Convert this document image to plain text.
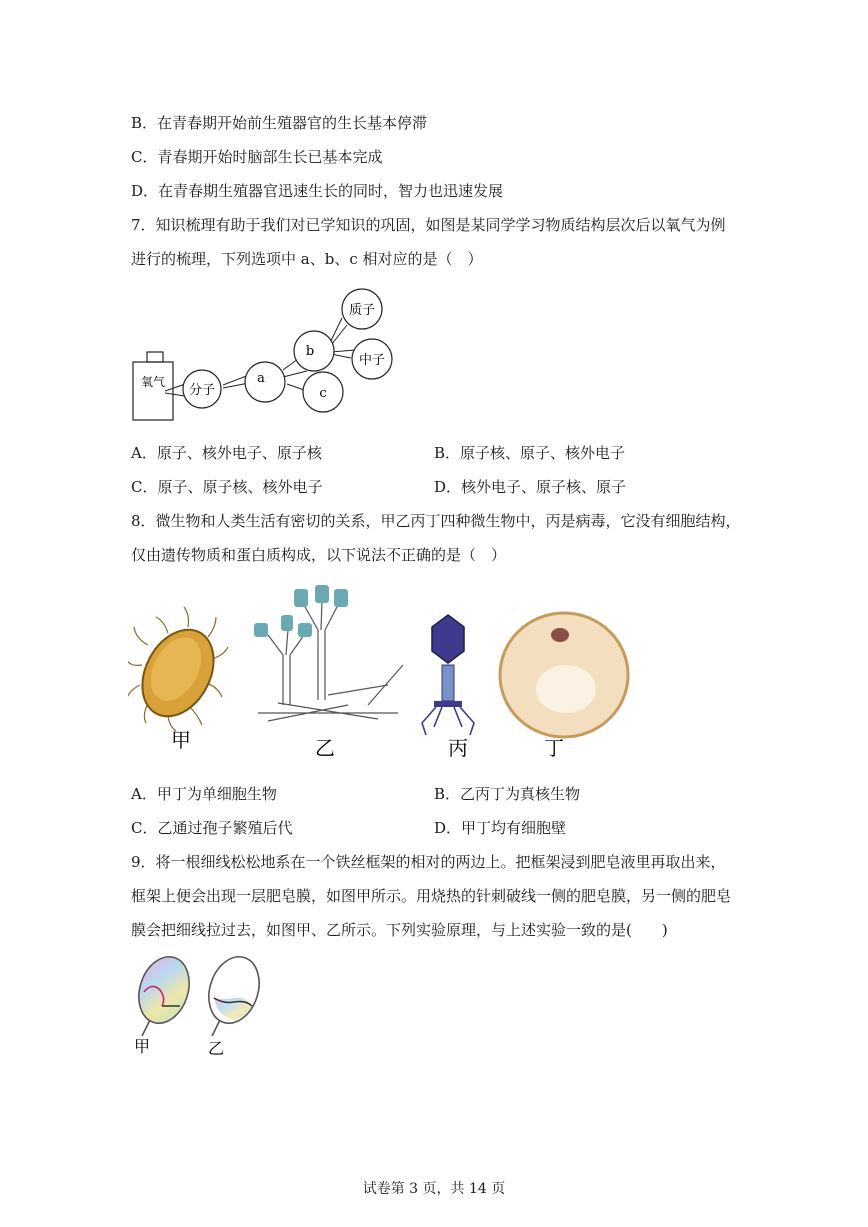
B．在青春期开始前生殖器官的生长基本停滞
C．青春期开始时脑部生长已基本完成
D．在青春期生殖器官迅速生长的同时，智力也迅速发展
7．知识梳理有助于我们对已学知识的巩固，如图是某同学学习物质结构层次后以氧气为例
进行的梳理，下列选项中 a、b、c 相对应的是（　）
氧气
分子
a
b
c
质子
中子
A．原子、核外电子、原子核	B．原子核、原子、核外电子
C．原子、原子核、核外电子	D．核外电子、原子核、原子
8．微生物和人类生活有密切的关系，甲乙丙丁四种微生物中，丙是病毒，它没有细胞结构，
仅由遗传物质和蛋白质构成，以下说法不正确的是（　）
甲	乙	丙	丁
A．甲丁为单细胞生物	B．乙丙丁为真核生物
C．乙通过孢子繁殖后代	D．甲丁均有细胞壁
9．将一根细线松松地系在一个铁丝框架的相对的两边上。把框架浸到肥皂液里再取出来，
框架上便会出现一层肥皂膜，如图甲所示。用烧热的针刺破线一侧的肥皂膜，另一侧的肥皂
膜会把细线拉过去，如图甲、乙所示。下列实验原理，与上述实验一致的是(　　)
甲	乙
试卷第 3 页，共 14 页
